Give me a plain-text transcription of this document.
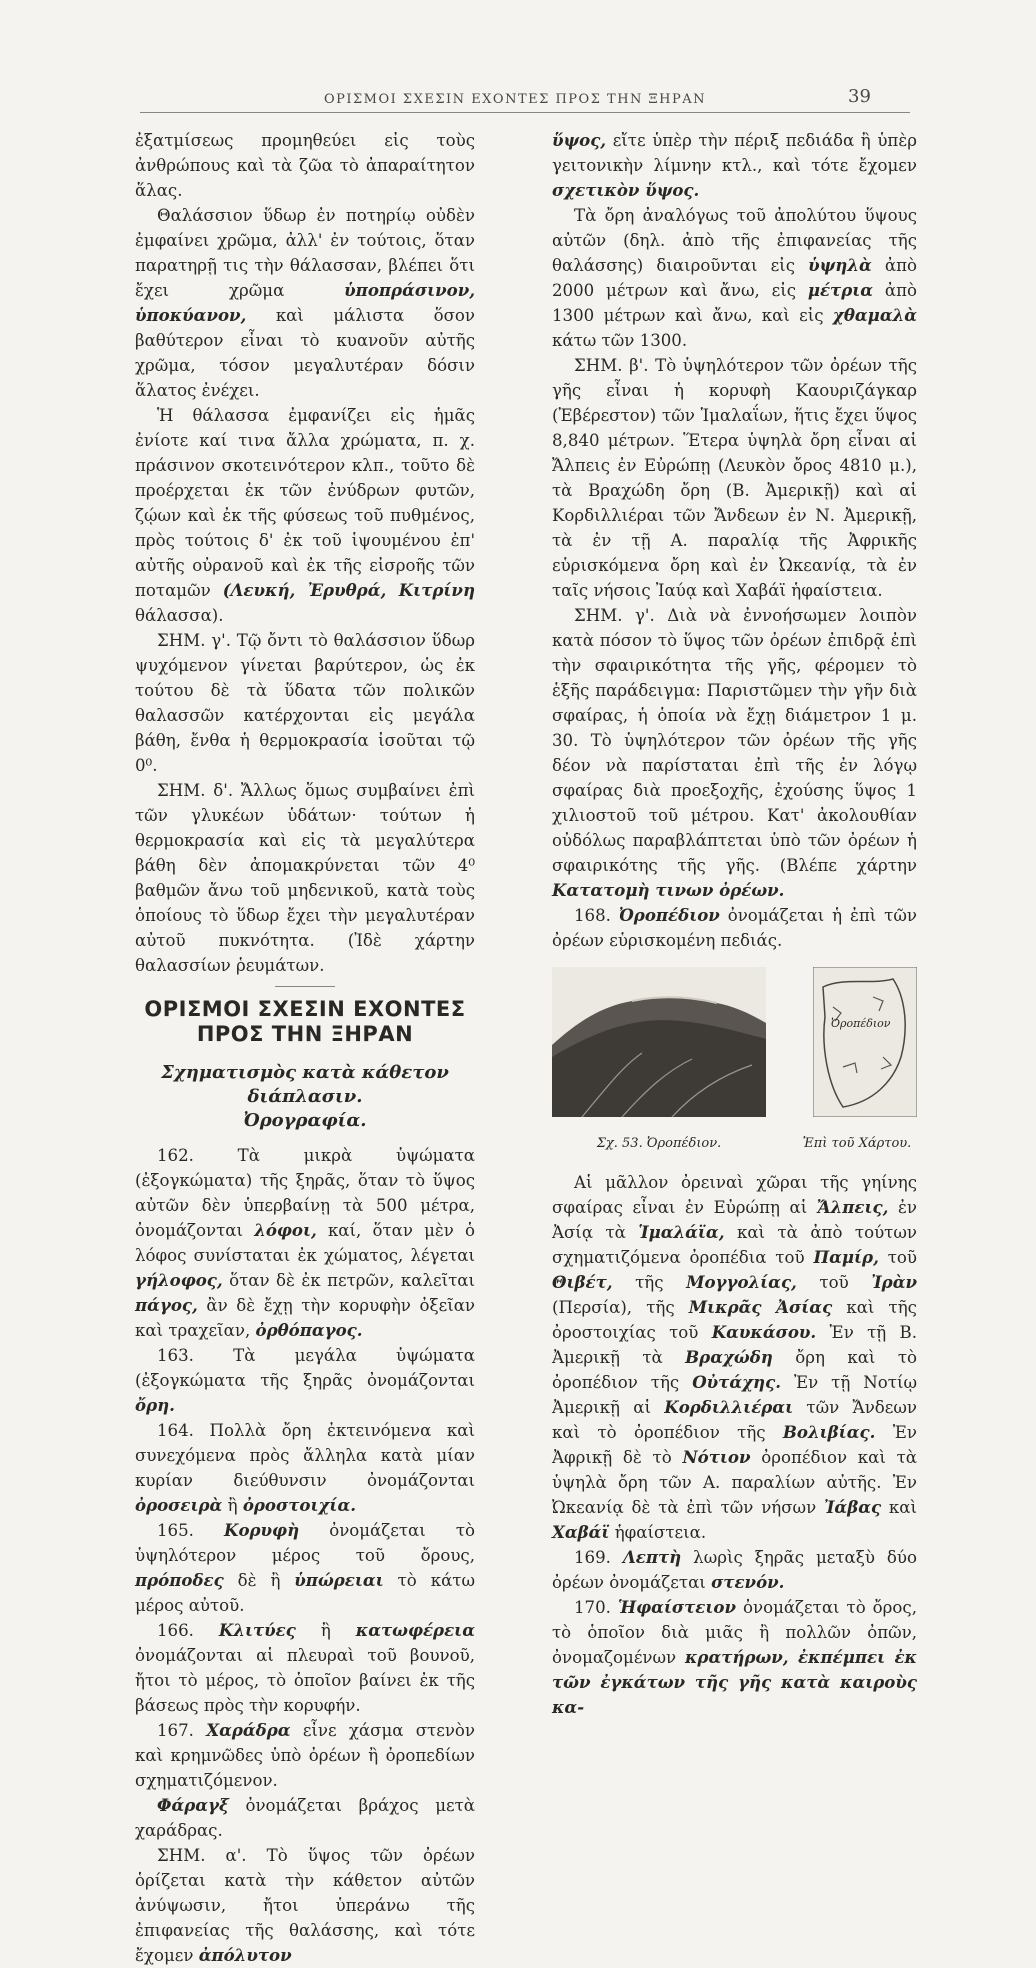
ΟΡΙΣΜΟΙ ΣΧΕΣΙΝ ΕΧΟΝΤΕΣ ΠΡΟΣ ΤΗΝ ΞΗΡΑΝ	39

ἐξατμίσεως προμηθεύει εἰς τοὺς ἀνθρώπους καὶ τὰ ζῶα τὸ ἀπαραίτητον ἅλας.

Θαλάσσιον ὕδωρ ἐν ποτηρίῳ οὐδὲν ἐμφαίνει χρῶμα, ἀλλ' ἐν τούτοις, ὅταν παρατηρῇ τις τὴν θάλασσαν, βλέπει ὅτι ἔχει χρῶμα ὑποπράσινον, ὑποκύανον, καὶ μάλιστα ὅσον βαθύτερον εἶναι τὸ κυανοῦν αὐτῆς χρῶμα, τόσον μεγαλυτέραν δόσιν ἅλατος ἐνέχει.

Ἡ θάλασσα ἐμφανίζει εἰς ἡμᾶς ἐνίοτε καί τινα ἄλλα χρώματα, π. χ. πράσινον σκοτεινότερον κλπ., τοῦτο δὲ προέρχεται ἐκ τῶν ἐνύδρων φυτῶν, ζῴων καὶ ἐκ τῆς φύσεως τοῦ πυθμένος, πρὸς τούτοις δ' ἐκ τοῦ ἱψουμένου ἐπ' αὐτῆς οὐρανοῦ καὶ ἐκ τῆς εἰσροῆς τῶν ποταμῶν (Λευκή, Ἐρυθρά, Κιτρίνη θάλασσα).

ΣΗΜ. γ'. Τῷ ὄντι τὸ θαλάσσιον ὕδωρ ψυχόμενον γίνεται βαρύτερον, ὡς ἐκ τούτου δὲ τὰ ὕδατα τῶν πολικῶν θαλασσῶν κατέρχονται εἰς μεγάλα βάθη, ἔνθα ἡ θερμοκρασία ἰσοῦται τῷ 0⁰.

ΣΗΜ. δ'. Ἄλλως ὅμως συμβαίνει ἐπὶ τῶν γλυκέων ὑδάτων· τούτων ἡ θερμοκρασία καὶ εἰς τὰ μεγαλύτερα βάθη δὲν ἀπομακρύνεται τῶν 4⁰ βαθμῶν ἄνω τοῦ μηδενικοῦ, κατὰ τοὺς ὁποίους τὸ ὕδωρ ἔχει τὴν μεγαλυτέραν αὐτοῦ πυκνότητα. (Ἰδὲ χάρτην θαλασσίων ῥευμάτων.

ΟΡΙΣΜΟΙ ΣΧΕΣΙΝ ΕΧΟΝΤΕΣ ΠΡΟΣ ΤΗΝ ΞΗΡΑΝ
Σχηματισμὸς κατὰ κάθετον διάπλασιν.
Ὀρογραφία.

162. Τὰ μικρὰ ὑψώματα (ἐξογκώματα) τῆς ξηρᾶς, ὅταν τὸ ὕψος αὐτῶν δὲν ὑπερβαίνῃ τὰ 500 μέτρα, ὀνομάζονται λόφοι, καί, ὅταν μὲν ὁ λόφος συνίσταται ἐκ χώματος, λέγεται γήλοφος, ὅταν δὲ ἐκ πετρῶν, καλεῖται πάγος, ἂν δὲ ἔχῃ τὴν κορυφὴν ὀξεῖαν καὶ τραχεῖαν, ὀρθόπαγος.

163. Τὰ μεγάλα ὑψώματα (ἐξογκώματα τῆς ξηρᾶς ὀνομάζονται ὄρη.

164. Πολλὰ ὄρη ἐκτεινόμενα καὶ συνεχόμενα πρὸς ἄλληλα κατὰ μίαν κυρίαν διεύθυνσιν ὀνομάζονται ὀροσειρὰ ἢ ὀροστοιχία.

165. Κορυφὴ ὀνομάζεται τὸ ὑψηλότερον μέρος τοῦ ὄρους, πρόποδες δὲ ἢ ὑπώρειαι τὸ κάτω μέρος αὐτοῦ.

166. Κλιτύες ἢ κατωφέρεια ὀνομάζονται αἱ πλευραὶ τοῦ βουνοῦ, ἤτοι τὸ μέρος, τὸ ὁποῖον βαίνει ἐκ τῆς βάσεως πρὸς τὴν κορυφήν.

167. Χαράδρα εἶνε χάσμα στενὸν καὶ κρημνῶδες ὑπὸ ὀρέων ἢ ὀροπεδίων σχηματιζόμενον.

Φάραγξ ὀνομάζεται βράχος μετὰ χαράδρας.

ΣΗΜ. α'. Τὸ ὕψος τῶν ὀρέων ὁρίζεται κατὰ τὴν κάθετον αὐτῶν ἀνύψωσιν, ἤτοι ὑπεράνω τῆς ἐπιφανείας τῆς θαλάσσης, καὶ τότε ἔχομεν ἀπόλυτον

ὕψος, εἴτε ὑπὲρ τὴν πέριξ πεδιάδα ἢ ὑπὲρ γειτονικὴν λίμνην κτλ., καὶ τότε ἔχομεν σχετικὸν ὕψος.

Τὰ ὄρη ἀναλόγως τοῦ ἀπολύτου ὕψους αὐτῶν (δηλ. ἀπὸ τῆς ἐπιφανείας τῆς θαλάσσης) διαιροῦνται εἰς ὑψηλὰ ἀπὸ 2000 μέτρων καὶ ἄνω, εἰς μέτρια ἀπὸ 1300 μέτρων καὶ ἄνω, καὶ εἰς χθαμαλὰ κάτω τῶν 1300.

ΣΗΜ. β'. Τὸ ὑψηλότερον τῶν ὀρέων τῆς γῆς εἶναι ἡ κορυφὴ Καουριζάγκαρ (Ἐβέρεστον) τῶν Ἱμαλαΐων, ἥτις ἔχει ὕψος 8,840 μέτρων. Ἕτερα ὑψηλὰ ὄρη εἶναι αἱ Ἄλπεις ἐν Εὐρώπῃ (Λευκὸν ὄρος 4810 μ.), τὰ Βραχώδη ὄρη (Β. Ἀμερικῇ) καὶ αἱ Κορδιλλιέραι τῶν Ἄνδεων ἐν Ν. Ἀμερικῇ, τὰ ἐν τῇ Α. παραλίᾳ τῆς Ἀφρικῆς εὑρισκόμενα ὄρη καὶ ἐν Ὠκεανίᾳ, τὰ ἐν ταῖς νήσοις Ἰαύᾳ καὶ Χαβάϊ ἡφαίστεια.

ΣΗΜ. γ'. Διὰ νὰ ἐννοήσωμεν λοιπὸν κατὰ πόσον τὸ ὕψος τῶν ὀρέων ἐπιδρᾷ ἐπὶ τὴν σφαιρικότητα τῆς γῆς, φέρομεν τὸ ἑξῆς παράδειγμα: Παριστῶμεν τὴν γῆν διὰ σφαίρας, ἡ ὁποία νὰ ἔχῃ διάμετρον 1 μ. 30. Τὸ ὑψηλότερον τῶν ὀρέων τῆς γῆς δέον νὰ παρίσταται ἐπὶ τῆς ἐν λόγῳ σφαίρας διὰ προεξοχῆς, ἐχούσης ὕψος 1 χιλιοστοῦ τοῦ μέτρου. Κατ' ἀκολουθίαν οὐδόλως παραβλάπτεται ὑπὸ τῶν ὀρέων ἡ σφαιρικότης τῆς γῆς. (Βλέπε χάρτην Κατατομὴ τινων ὀρέων.

168. Ὀροπέδιον ὀνομάζεται ἡ ἐπὶ τῶν ὀρέων εὑρισκομένη πεδιάς.

Ὀροπέδιον
Σχ. 53. Ὀροπέδιον.	Ἐπὶ τοῦ Χάρτου.

Αἱ μᾶλλον ὀρειναὶ χῶραι τῆς γηίνης σφαίρας εἶναι ἐν Εὐρώπῃ αἱ Ἄλπεις, ἐν Ἀσίᾳ τὰ Ἱμαλάϊα, καὶ τὰ ἀπὸ τούτων σχηματιζόμενα ὀροπέδια τοῦ Παμίρ, τοῦ Θιβέτ, τῆς Μογγολίας, τοῦ Ἰρὰν (Περσία), τῆς Μικρᾶς Ἀσίας καὶ τῆς ὀροστοιχίας τοῦ Καυκάσου. Ἐν τῇ Β. Ἀμερικῇ τὰ Βραχώδη ὄρη καὶ τὸ ὀροπέδιον τῆς Οὐτάχης. Ἐν τῇ Νοτίῳ Ἀμερικῇ αἱ Κορδιλλιέραι τῶν Ἄνδεων καὶ τὸ ὀροπέδιον τῆς Βολιβίας. Ἐν Ἀφρικῇ δὲ τὸ Νότιον ὀροπέδιον καὶ τὰ ὑψηλὰ ὄρη τῶν Α. παραλίων αὐτῆς. Ἐν Ὠκεανίᾳ δὲ τὰ ἐπὶ τῶν νήσων Ἰάβας καὶ Χαβάϊ ἡφαίστεια.

169. Λεπτὴ λωρὶς ξηρᾶς μεταξὺ δύο ὀρέων ὀνομάζεται στενόν.

170. Ἡφαίστειον ὀνομάζεται τὸ ὄρος, τὸ ὁποῖον διὰ μιᾶς ἢ πολλῶν ὀπῶν, ὀνομαζομένων κρατήρων, ἐκπέμπει ἐκ τῶν ἐγκάτων τῆς γῆς κατὰ καιροὺς κα-
